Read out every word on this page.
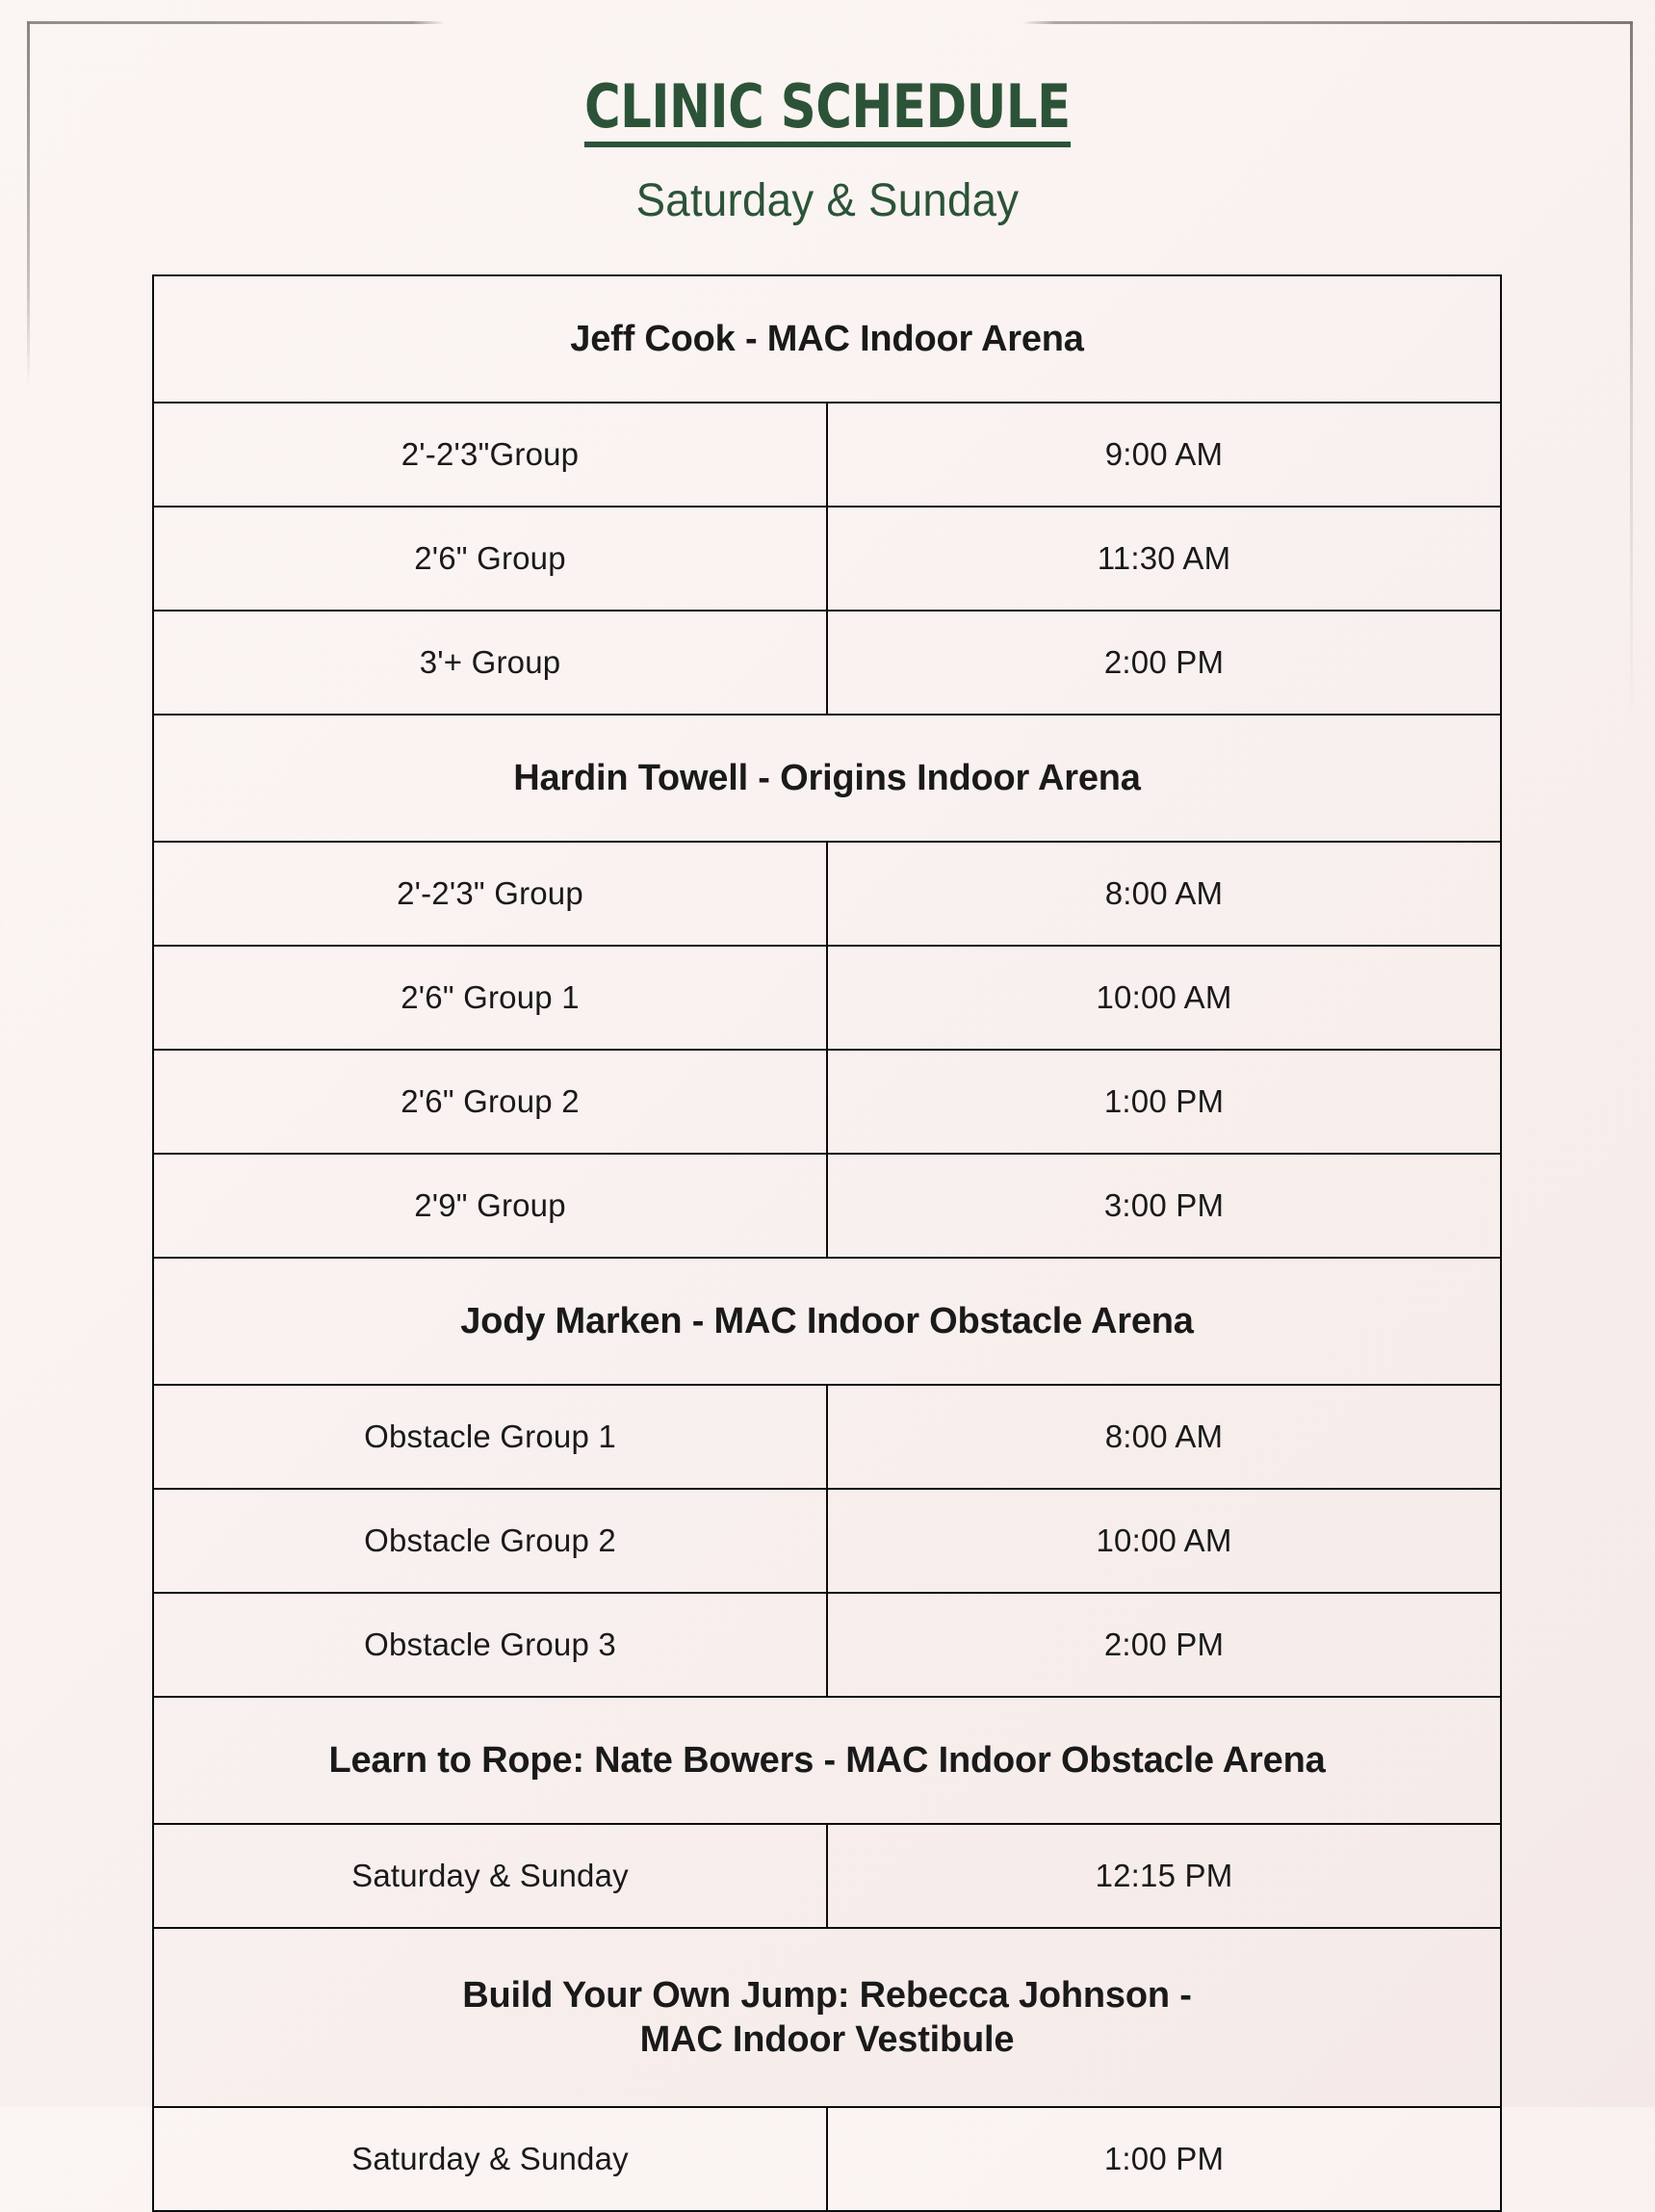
CLINIC SCHEDULE
Saturday & Sunday
Jeff Cook - MAC Indoor Arena	

2'-2'3"Group	9:00 AM
2'6" Group	11:30 AM
3'+ Group	2:00 PM

Hardin Towell - Origins Indoor Arena	

2'-2'3" Group	8:00 AM
2'6" Group 1	10:00 AM
2'6" Group 2	1:00 PM
2'9" Group	3:00 PM

Jody Marken - MAC Indoor Obstacle Arena	

Obstacle Group 1	8:00 AM
Obstacle Group 2	10:00 AM
Obstacle Group 3	2:00 PM

Learn to Rope: Nate Bowers - MAC Indoor Obstacle Arena	

Saturday & Sunday	12:15 PM

Build Your Own Jump: Rebecca Johnson -
MAC Indoor Vestibule	

Saturday & Sunday	1:00 PM
